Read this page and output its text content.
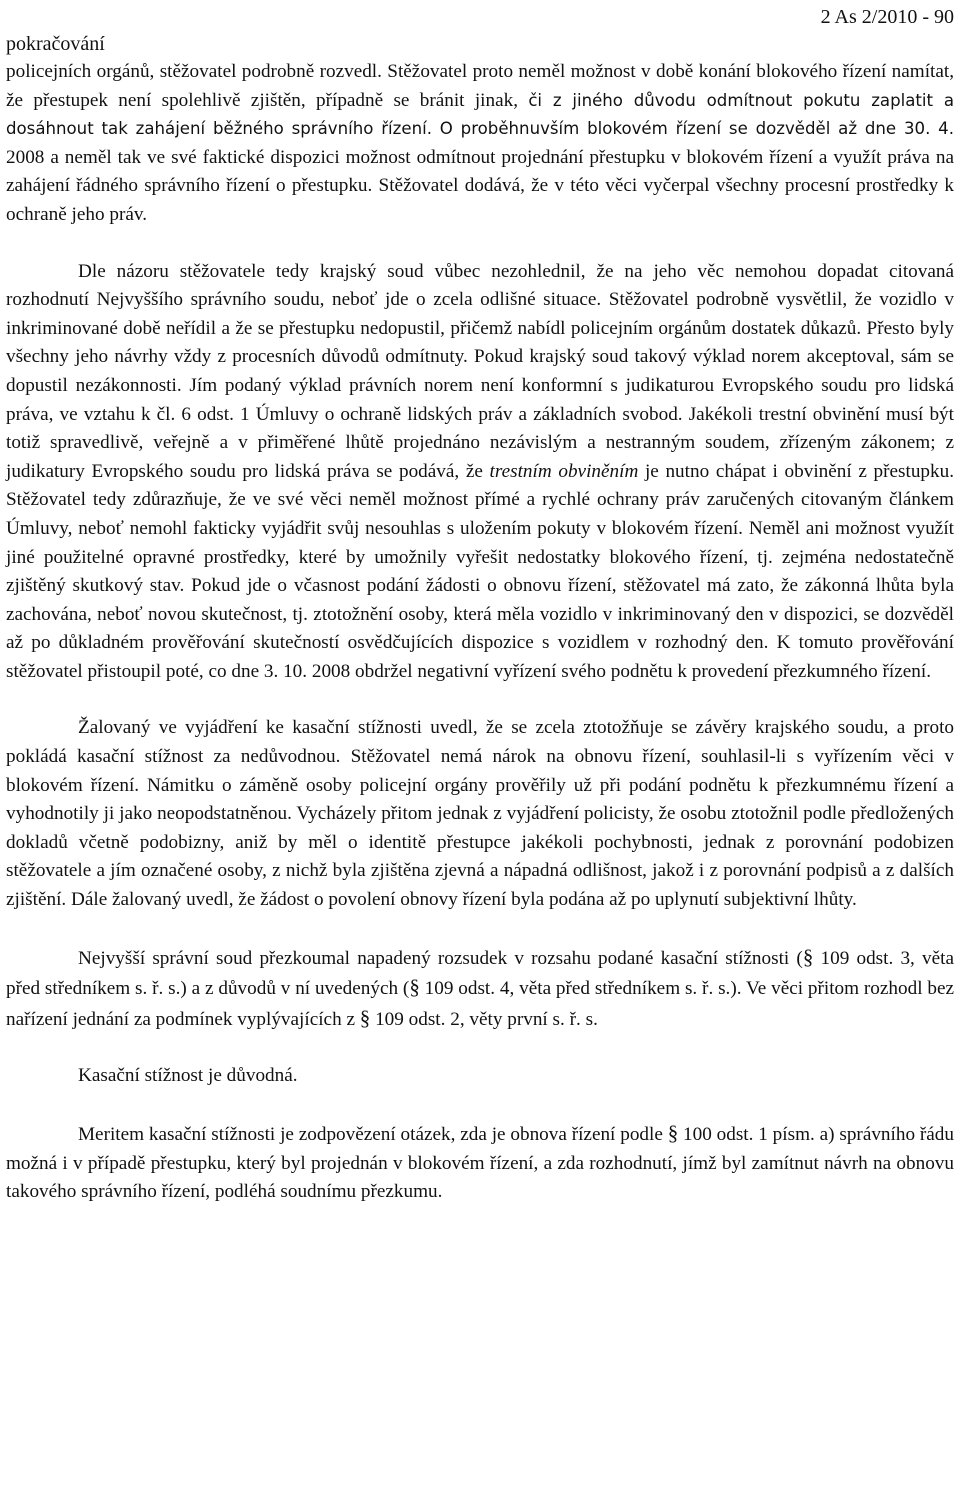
pokračování
2 As 2/2010 - 90

policejních orgánů, stěžovatel podrobně rozvedl. Stěžovatel proto neměl možnost v době konání blokového řízení namítat, že přestupek není spolehlivě zjištěn, případně se bránit jinak, či z jiného důvodu odmítnout pokutu zaplatit a dosáhnout tak zahájení běžného správního řízení. O proběhnuvším blokovém řízení se dozvěděl až dne 30. 4. 2008 a neměl tak ve své faktické dispozici možnost odmítnout projednání přestupku v blokovém řízení a využít práva na zahájení řádného správního řízení o přestupku. Stěžovatel dodává, že v této věci vyčerpal všechny procesní prostředky k ochraně jeho práv.

Dle názoru stěžovatele tedy krajský soud vůbec nezohlednil, že na jeho věc nemohou dopadat citovaná rozhodnutí Nejvyššího správního soudu, neboť jde o zcela odlišné situace. Stěžovatel podrobně vysvětlil, že vozidlo v inkriminované době neřídil a že se přestupku nedopustil, přičemž nabídl policejním orgánům dostatek důkazů. Přesto byly všechny jeho návrhy vždy z procesních důvodů odmítnuty. Pokud krajský soud takový výklad norem akceptoval, sám se dopustil nezákonnosti. Jím podaný výklad právních norem není konformní s judikaturou Evropského soudu pro lidská práva, ve vztahu k čl. 6 odst. 1 Úmluvy o ochraně lidských práv a základních svobod. Jakékoli trestní obvinění musí být totiž spravedlivě, veřejně a v přiměřené lhůtě projednáno nezávislým a nestranným soudem, zřízeným zákonem; z judikatury Evropského soudu pro lidská práva se podává, že trestním obviněním je nutno chápat i obvinění z přestupku. Stěžovatel tedy zdůrazňuje, že ve své věci neměl možnost přímé a rychlé ochrany práv zaručených citovaným článkem Úmluvy, neboť nemohl fakticky vyjádřit svůj nesouhlas s uložením pokuty v blokovém řízení. Neměl ani možnost využít jiné použitelné opravné prostředky, které by umožnily vyřešit nedostatky blokového řízení, tj. zejména nedostatečně zjištěný skutkový stav. Pokud jde o včasnost podání žádosti o obnovu řízení, stěžovatel má zato, že zákonná lhůta byla zachována, neboť novou skutečnost, tj. ztotožnění osoby, která měla vozidlo v inkriminovaný den v dispozici, se dozvěděl až po důkladném prověřování skutečností osvědčujících dispozice s vozidlem v rozhodný den. K tomuto prověřování stěžovatel přistoupil poté, co dne 3. 10. 2008 obdržel negativní vyřízení svého podnětu k provedení přezkumného řízení.

Žalovaný ve vyjádření ke kasační stížnosti uvedl, že se zcela ztotožňuje se závěry krajského soudu, a proto pokládá kasační stížnost za nedůvodnou. Stěžovatel nemá nárok na obnovu řízení, souhlasil-li s vyřízením věci v blokovém řízení. Námitku o záměně osoby policejní orgány prověřily už při podání podnětu k přezkumnému řízení a vyhodnotily ji jako neopodstatněnou. Vycházely přitom jednak z vyjádření policisty, že osobu ztotožnil podle předložených dokladů včetně podobizny, aniž by měl o identitě přestupce jakékoli pochybnosti, jednak z porovnání podobizen stěžovatele a jím označené osoby, z nichž byla zjištěna zjevná a nápadná odlišnost, jakož i z porovnání podpisů a z dalších zjištění. Dále žalovaný uvedl, že žádost o povolení obnovy řízení byla podána až po uplynutí subjektivní lhůty.

Nejvyšší správní soud přezkoumal napadený rozsudek v rozsahu podané kasační stížnosti (§ 109 odst. 3, věta před středníkem s. ř. s.) a z důvodů v ní uvedených (§ 109 odst. 4, věta před středníkem s. ř. s.). Ve věci přitom rozhodl bez nařízení jednání za podmínek vyplývajících z § 109 odst. 2, věty první s. ř. s.

Kasační stížnost je důvodná.

Meritem kasační stížnosti je zodpovězení otázek, zda je obnova řízení podle § 100 odst. 1 písm. a) správního řádu možná i v případě přestupku, který byl projednán v blokovém řízení, a zda rozhodnutí, jímž byl zamítnut návrh na obnovu takového správního řízení, podléhá soudnímu přezkumu.
